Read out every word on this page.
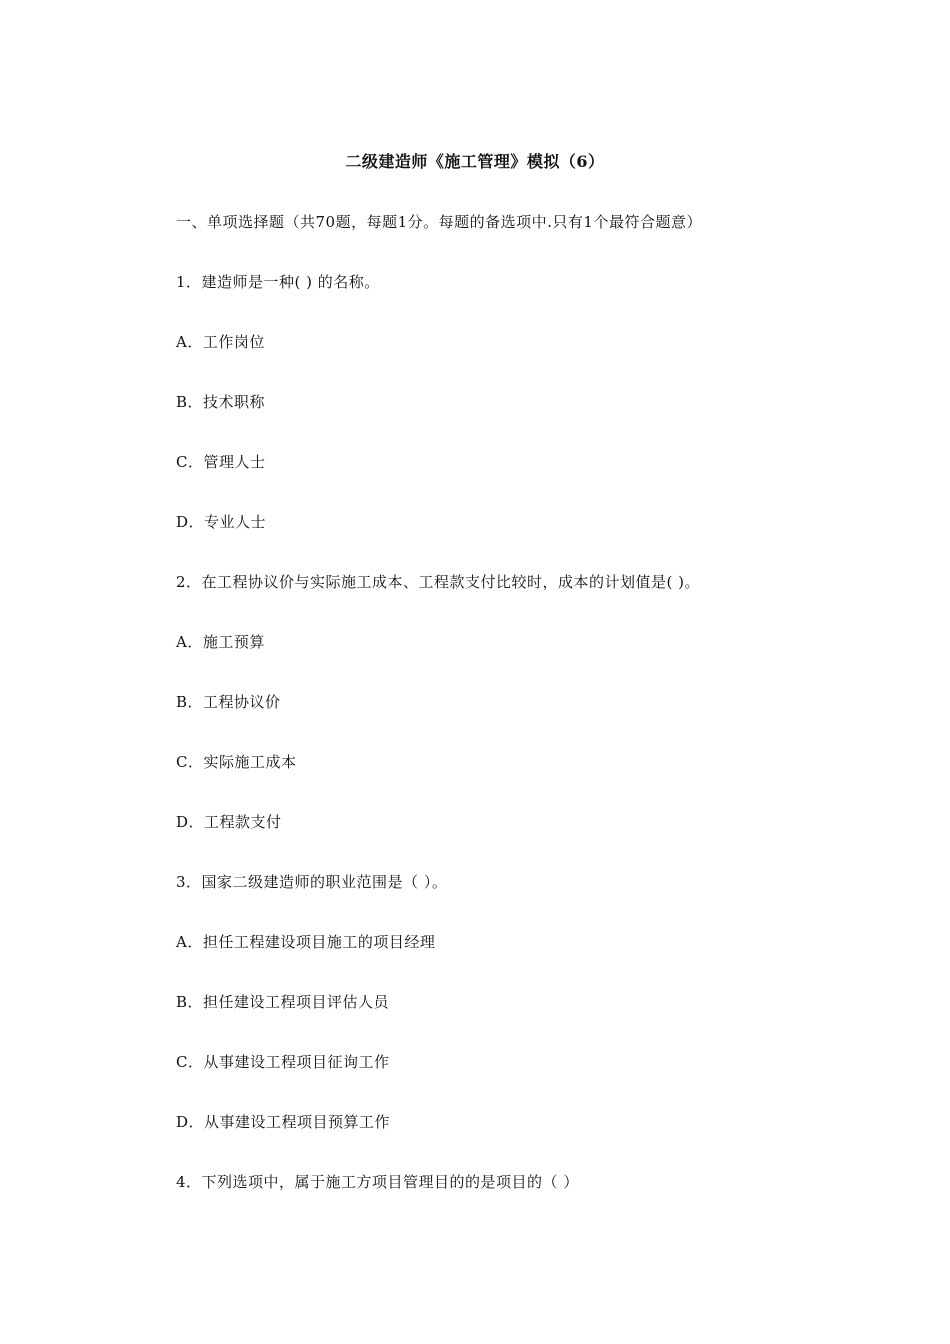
二级建造师《施工管理》模拟（6）
一、单项选择题（共70题，每题1分。每题的备选项中.只有1个最符合题意）
1．建造师是一种( ) 的名称。
A．工作岗位
B．技术职称
C．管理人士
D．专业人士
2．在工程协议价与实际施工成本、工程款支付比较时，成本的计划值是( )。
A．施工预算
B．工程协议价
C．实际施工成本
D．工程款支付
3．国家二级建造师的职业范围是（ ）。
A．担任工程建设项目施工的项目经理
B．担任建设工程项目评估人员
C．从事建设工程项目征询工作
D．从事建设工程项目预算工作
4．下列选项中，属于施工方项目管理目的的是项目的（ ）
